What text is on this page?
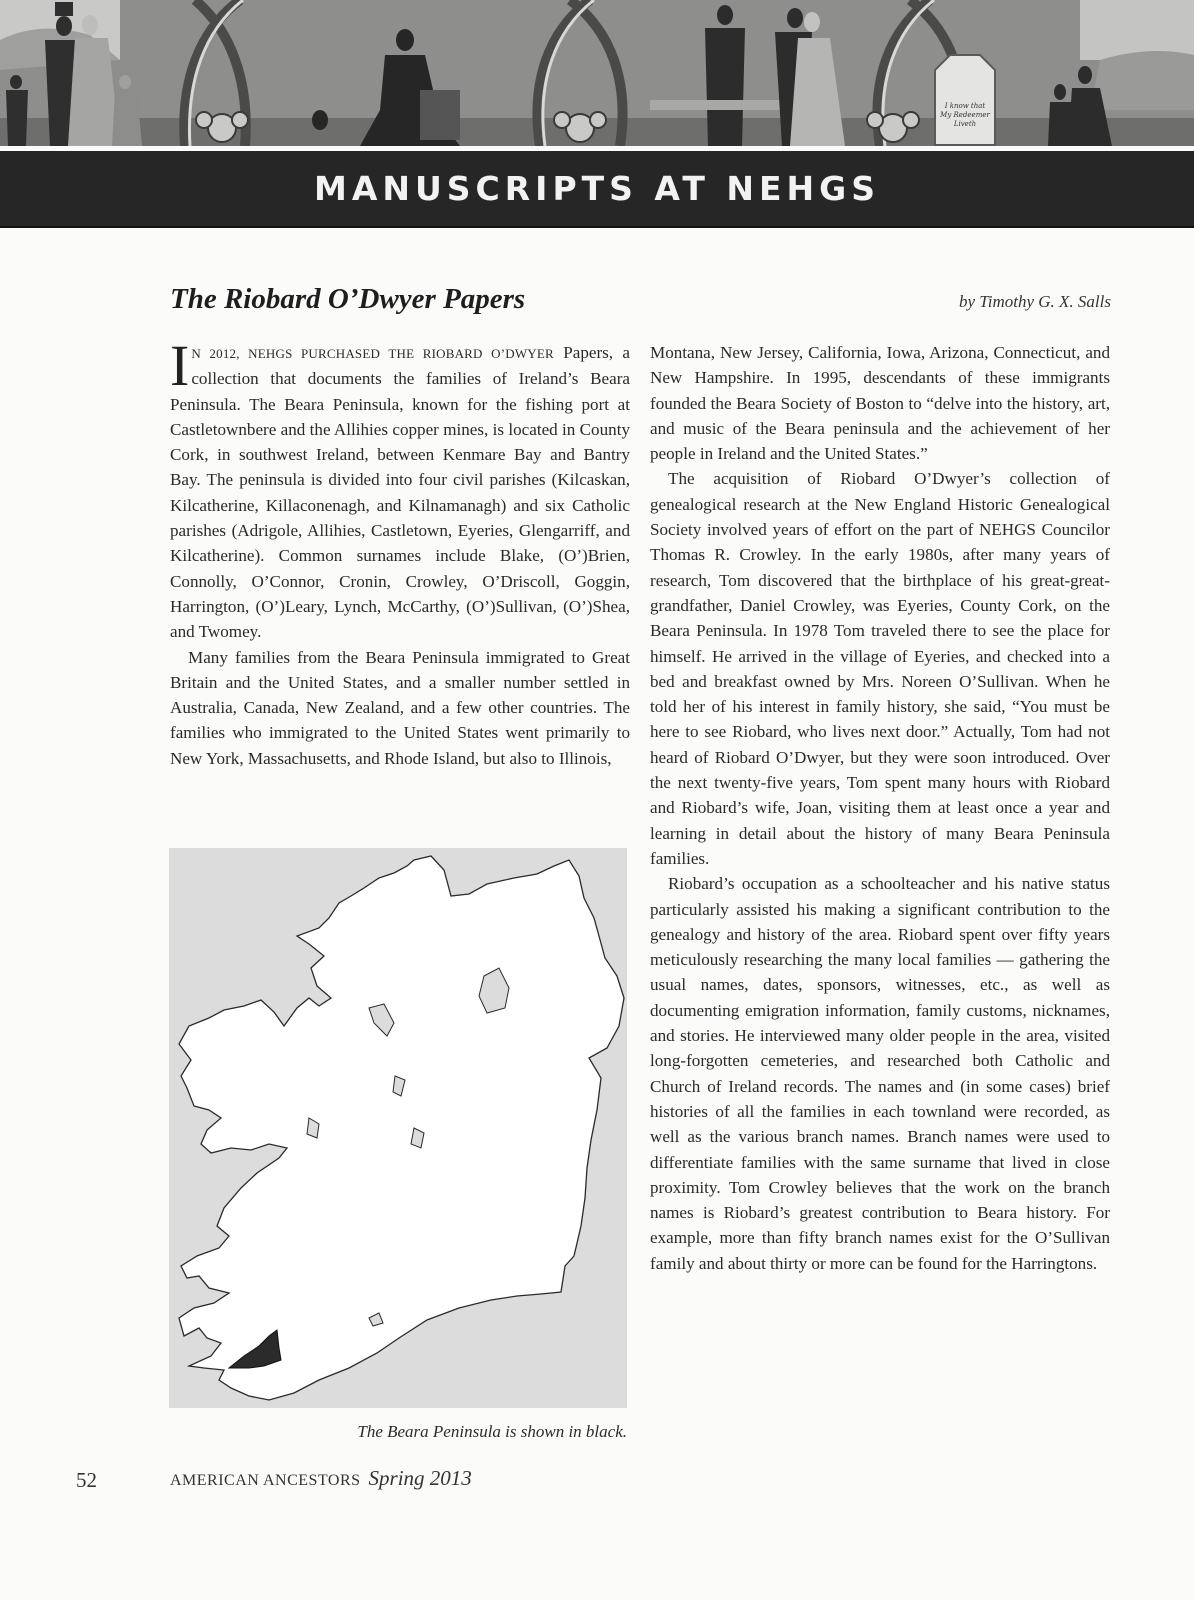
I know that
My Redeemer
Liveth
MANUSCRIPTS AT NEHGS
The Riobard O’Dwyer Papers	by Timothy G. X. Salls

I N 2012, NEHGS PURCHASED THE RIOBARD O’DWYER Papers, a collection that documents the families of Ireland’s Beara Peninsula. The Beara Peninsula, known for the fishing port at Castletownbere and the Allihies copper mines, is located in County Cork, in southwest Ireland, between Kenmare Bay and Bantry Bay. The peninsula is divided into four civil parishes (Kilcaskan, Kilcatherine, Killaconenagh, and Kilnamanagh) and six Catholic parishes (Adrigole, Allihies, Castletown, Eyeries, Glengarriff, and Kilcatherine). Common surnames include Blake, (O’)Brien, Connolly, O’Connor, Cronin, Crowley, O’Driscoll, Goggin, Harrington, (O’)Leary, Lynch, McCarthy, (O’)Sullivan, (O’)Shea, and Twomey.

Many families from the Beara Peninsula immigrated to Great Britain and the United States, and a smaller number settled in Australia, Canada, New Zealand, and a few other countries. The families who immigrated to the United States went primarily to New York, Massachusetts, and Rhode Island, but also to Illinois,

The Beara Peninsula is shown in black.

Montana, New Jersey, California, Iowa, Arizona, Connecticut, and New Hampshire. In 1995, descendants of these immigrants founded the Beara Society of Boston to “delve into the history, art, and music of the Beara peninsula and the achievement of her people in Ireland and the United States.”

The acquisition of Riobard O’Dwyer’s collection of genealogical research at the New England Historic Genealogical Society involved years of effort on the part of NEHGS Councilor Thomas R. Crowley. In the early 1980s, after many years of research, Tom discovered that the birthplace of his great-great-grandfather, Daniel Crowley, was Eyeries, County Cork, on the Beara Peninsula. In 1978 Tom traveled there to see the place for himself. He arrived in the village of Eyeries, and checked into a bed and breakfast owned by Mrs. Noreen O’Sullivan. When he told her of his interest in family history, she said, “You must be here to see Riobard, who lives next door.” Actually, Tom had not heard of Riobard O’Dwyer, but they were soon introduced. Over the next twenty-five years, Tom spent many hours with Riobard and Riobard’s wife, Joan, visiting them at least once a year and learning in detail about the history of many Beara Peninsula families.

Riobard’s occupation as a schoolteacher and his native status particularly assisted his making a significant contribution to the genealogy and history of the area. Riobard spent over fifty years meticulously researching the many local families — gathering the usual names, dates, sponsors, witnesses, etc., as well as documenting emigration information, family customs, nicknames, and stories. He interviewed many older people in the area, visited long-forgotten cemeteries, and researched both Catholic and Church of Ireland records. The names and (in some cases) brief histories of all the families in each townland were recorded, as well as the various branch names. Branch names were used to differentiate families with the same surname that lived in close proximity. Tom Crowley believes that the work on the branch names is Riobard’s greatest contribution to Beara history. For example, more than fifty branch names exist for the O’Sullivan family and about thirty or more can be found for the Harringtons.

52	AMERICAN ANCESTORS Spring 2013
